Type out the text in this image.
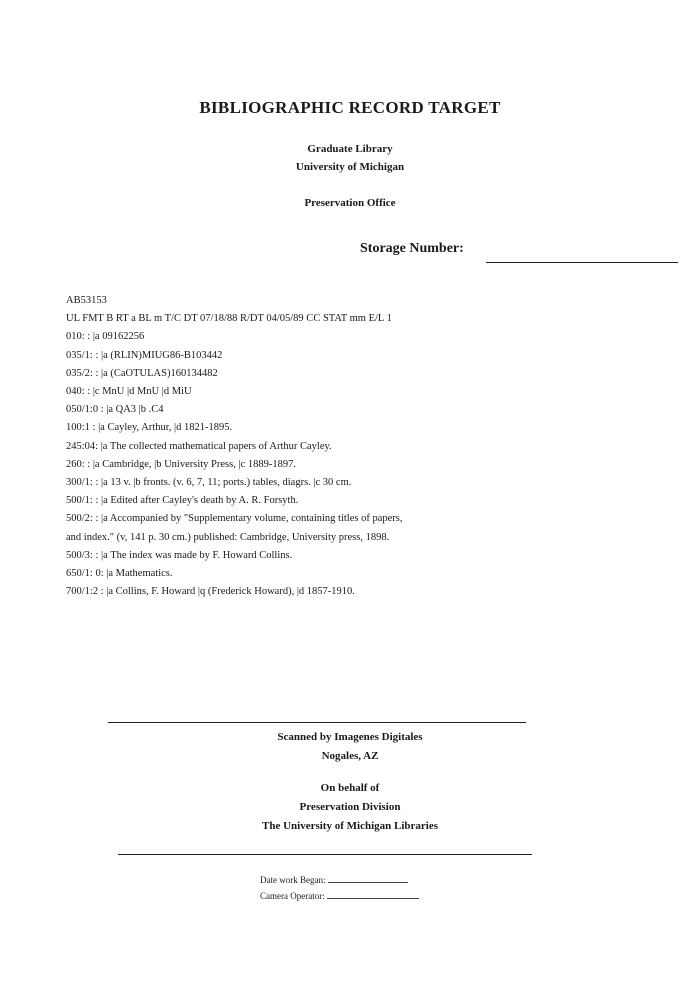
BIBLIOGRAPHIC RECORD TARGET
Graduate Library
University of Michigan
Preservation Office
Storage Number:
AB53153
UL FMT B RT a BL m T/C DT 07/18/88 R/DT 04/05/89 CC STAT mm E/L 1
010: : |a 09162256
035/1: : |a (RLIN)MIUG86-B103442
035/2: : |a (CaOTULAS)160134482
040: : |c MnU |d MnU |d MiU
050/1:0 : |a QA3 |b .C4
100:1 : |a Cayley, Arthur, |d 1821-1895.
245:04: |a The collected mathematical papers of Arthur Cayley.
260: : |a Cambridge, |b University Press, |c 1889-1897.
300/1: : |a 13 v. |b fronts. (v. 6, 7, 11; ports.) tables, diagrs. |c 30 cm.
500/1: : |a Edited after Cayley's death by A. R. Forsyth.
500/2: : |a Accompanied by "Supplementary volume, containing titles of papers,
and index." (v, 141 p. 30 cm.) published: Cambridge, University press, 1898.
500/3: : |a The index was made by F. Howard Collins.
650/1: 0: |a Mathematics.
700/1:2 : |a Collins, F. Howard |q (Frederick Howard), |d 1857-1910.
Scanned by Imagenes Digitales
Nogales, AZ
On behalf of
Preservation Division
The University of Michigan Libraries
Date work Began:
Camera Operator:
